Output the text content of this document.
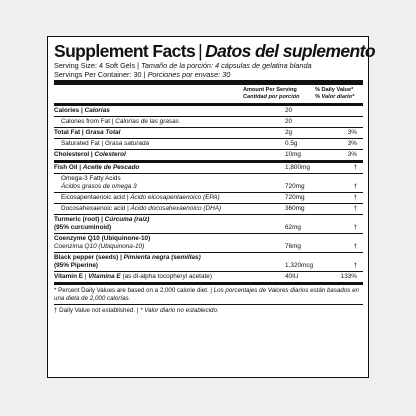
Supplement Facts | Datos del suplemento
Serving Size: 4 Soft Gels | Tamaño de la porción: 4 cápsulas de gelatina blanda
Servings Per Container: 30 | Porciones por envase: 30
Amount Per Serving
Cantidad por porción
% Daily Value*
% Valor diario*
Calories | Calorías	20
Calories from Fat | Calorías de las grasas	20
Total Fat | Grasa Total	2g	3%
Saturated Fat | Grasa saturada	0.5g	3%
Cholesterol | Colesterol	10mg	3%
Fish Oil | Aceite de Pescado	1,800mg	†
Omega-3 Fatty Acids
Ácidos grasos de omega 3	720mg	†
Eicosapentaenoic acid | Ácido eicosapentaenoico (EPA)	720mg	†
Docosahexaenoic acid | Ácido docosahexaenoico (DHA)	360mg	†
Turmeric (root) | Cúrcuma (raíz)
(95% curcuminoid)	62mg	†
Coenzyme Q10 (Ubiquinone-10)
Coenzima Q10 (Ubiquinona-10)	76mg	†
Black pepper (seeds) | Pimienta negra (semillas)
(95% Piperine)	1,320mcg	†
Vitamin E | Vitamina E (as dl-alpha tocopheryl acetate)	40IU	133%

* Percent Daily Values are based on a 2,000 calorie diet. | Los porcentajes de Valores diarios están basados en una dieta de 2,000 calorías.

† Daily Value not established. | * Valor diario no establecido.
